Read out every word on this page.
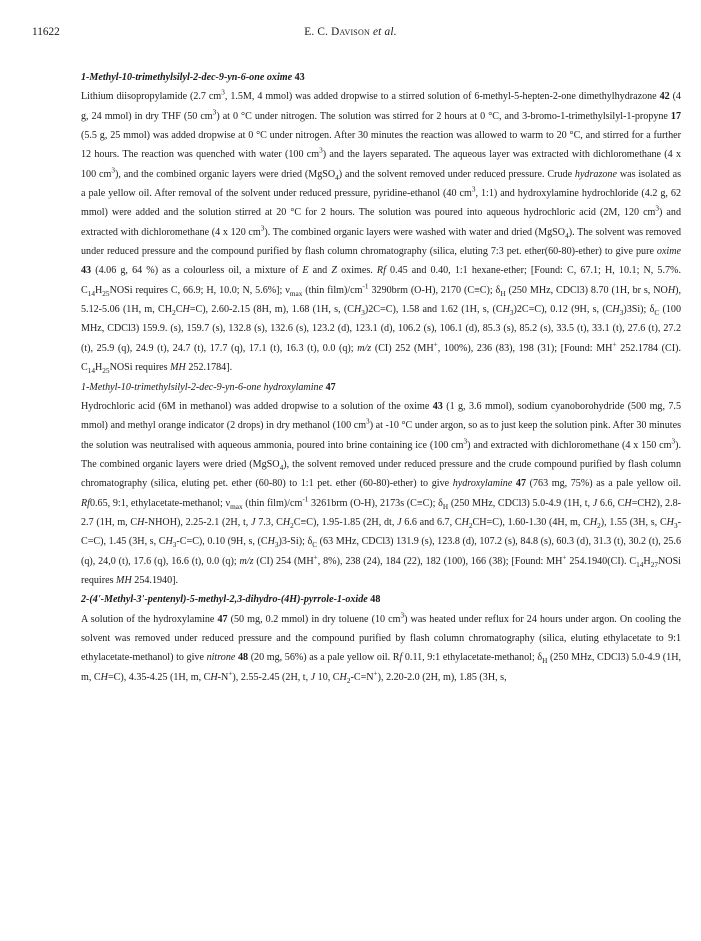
11622	E. C. Davison et al.

1-Methyl-10-trimethylsilyl-2-dec-9-yn-6-one oxime 43

Lithium diisopropylamide (2.7 $cm^3$, 1.5M, 4 mmol) was added dropwise to a stirred solution of 6-methyl-5-hepten-2-one dimethylhydrazone 42 (4 g, 24 mmol) in dry THF (50 $cm^3$) at 0 °C under nitrogen. The solution was stirred for 2 hours at 0 °C, and 3-bromo-1-trimethylsilyl-1-propyne 17 (5.5 g, 25 mmol) was added dropwise at 0 °C under nitrogen. After 30 minutes the reaction was allowed to warm to 20 °C, and stirred for a further 12 hours. The reaction was quenched with water (100 $cm^3$) and the layers separated. The aqueous layer was extracted with dichloromethane (4 x 100 $cm^3$), and the combined organic layers were dried (MgSO$_4$) and the solvent removed under reduced pressure. Crude hydrazone was isolated as a pale yellow oil. After removal of the solvent under reduced pressure, pyridine-ethanol (40 $cm^3$, 1:1) and hydroxylamine hydrochloride (4.2 g, 62 mmol) were added and the solution stirred at 20 °C for 2 hours. The solution was poured into aqueous hydrochloric acid (2M, 120 $cm^3$) and extracted with dichloromethane (4 x 120 $cm^3$). The combined organic layers were washed with water and dried (MgSO$_4$). The solvent was removed under reduced pressure and the compound purified by flash column chromatography (silica, eluting 7:3 pet. ether(60-80)-ether) to give pure oxime 43 (4.06 g, 64 %) as a colourless oil, a mixture of E and Z oximes. Rf 0.45 and 0.40, 1:1 hexane-ether; [Found: C, 67.1; H, 10.1; N, 5.7%. $C_{14}H_{25}NOSi$ requires C, 66.9; H, 10.0; N, 5.6%]; $\nu_{max}$ (thin $film)/cm^{-1}$ 3290brm (O-H), 2170 (C≡C); $\delta_H$ (250 MHz, CDCl3) 8.70 (1H, br s, NOH), 5.12-5.06 (1H, m, $CH_2CH=C$), 2.60-2.15 (8H, m), 1.68 (1H, s, $(CH_3)2C=C$), 1.58 and 1.62 (1H, s, $(CH_3)2C=C$), 0.12 (9H, s, $(CH_3)3Si$); $\delta_C$ (100 MHz, CDCl3) 159.9. (s), 159.7 (s), 132.8 (s), 132.6 (s), 123.2 (d), 123.1 (d), 106.2 (s), 106.1 (d), 85.3 (s), 85.2 (s), 33.5 (t), 33.1 (t), 27.6 (t), 27.2 (t), 25.9 (q), 24.9 (t), 24.7 (t), 17.7 (q), 17.1 (t), 16.3 (t), 0.0 (q); m/z (CI) 252 (MH+, 100%), 236 (83), 198 (31); [Found: MH+ 252.1784 (CI). $C_{14}H_{25}NOSi$ requires MH 252.1784].

1-Methyl-10-trimethylsilyl-2-dec-9-yn-6-one hydroxylamine 47

Hydrochloric acid (6M in methanol) was added dropwise to a solution of the oxime 43 (1 g, 3.6 mmol), sodium cyanoborohydride (500 mg, 7.5 mmol) and methyl orange indicator (2 drops) in dry methanol (100 $cm^3$) at -10 °C under argon, so as to just keep the solution pink. After 30 minutes the solution was neutralised with aqueous ammonia, poured into brine containing ice (100 $cm^3$) and extracted with dichloromethane (4 x 150 $cm^3$). The combined organic layers were dried (MgSO$_4$), the solvent removed under reduced pressure and the crude compound purified by flash column chromatography (silica, eluting pet. ether (60-80) to 1:1 pet. ether (60-80)-ether) to give hydroxylamine 47 (763 mg, 75%) as a pale yellow oil. Rf0.65, 9:1, ethylacetate-methanol; $\nu_{max}$ (thin $film)/cm^{-1}$ 3261brm (O-H), 2173s (C≡C); $\delta_H$ (250 MHz, CDCl3) 5.0-4.9 (1H, t, J 6.6, CH=CH2), 2.8-2.7 (1H, m, CH-NHOH), 2.25-2.1 (2H, t, J 7.3, $CH_2C\equiv C$), 1.95-1.85 (2H, dt, J 6.6 and 6.7, $CH_2CH=C$), 1.60-1.30 (4H, m, $CH_2$), 1.55 (3H, s, $CH_3-C=C$), 1.45 (3H, s, $CH_3-C=C$), 0.10 (9H, s, $(CH_3)3-Si$); $\delta_C$ (63 MHz, CDCl3) 131.9 (s), 123.8 (d), 107.2 (s), 84.8 (s), 60.3 (d), 31.3 (t), 30.2 (t), 25.6 (q), 24,0 (t), 17.6 (q), 16.6 (t), 0.0 (q); m/z (CI) 254 (MH+, 8%), 238 (24), 184 (22), 182 (100), 166 (38); [Found: MH+ 254.1940(CI). $C_{14}H_{27}NOSi$ requires MH 254.1940].

2-(4'-Methyl-3'-pentenyl)-5-methyl-2,3-dihydro-(4H)-pyrrole-1-oxide 48

A solution of the hydroxylamine 47 (50 mg, 0.2 mmol) in dry toluene (10 $cm^3$) was heated under reflux for 24 hours under argon. On cooling the solvent was removed under reduced pressure and the compound purified by flash column chromatography (silica, eluting ethylacetate to 9:1 ethylacetate-methanol) to give nitrone 48 (20 mg, 56%) as a pale yellow oil. Rf 0.11, 9:1 ethylacetate-methanol; $\delta_H$ (250 MHz, CDCl3) 5.0-4.9 (1H, m, CH=C), 4.35-4.25 (1H, m, CH-N+), 2.55-2.45 (2H, t, J 10, $CH_2-C=N^+$), 2.20-2.0 (2H, m), 1.85 (3H, s,
